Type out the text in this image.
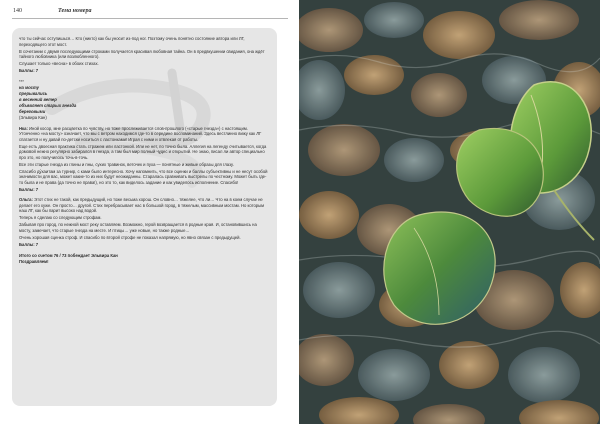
140	Тема номера

что ты сейчас оступишься… Кто (никто) как бы уносит из-под ног. Поэтому очень понятно состояние автора или ЛГ, переходящего этот мост.

В сочетании с двумя последующими строками получается красивая любовная тайна. Он в предвкушении свидания, она ждёт тайного любовника (или возлюбленного).

Слушает только «весна» в обоих стихах.

Баллы: 7

***
на мосту
прерывались
в весенний ветер
объявляет старых гнезда
береговыми
(Эльвира Кан)

Нка: Иной косор, мне расцветка по чувству, но тоже прослеживается слов-прошлого («старые гнезда») с настоящим. Утонченно «на мосту» означает, что мы с ветром находимся где-то в середине воспоминаний. Здесь вестлинно вижу как ЛГ спатается и ну давай по-детски носиться с ластонками! Играя с ними и отвлекая от работы.

Еще есть двоесная практика стать стражем или ластонкой. Или не нет, по точно была. Аллегия на легенду считывается, когда домовой нежно регулярно забирался в гнезда, а там был мир полный чудес и открытий. Не знаю, писал ли автор специально про это, но получилось точь-в-точь.

Все эти старые гнезда из глины и пны, сухих травинок, веточек и пуха — понятные и живые образы для глазу.

Спасибо ду́хаитам за турнир, с ками было интересно. Хочу напомнить, что все оценки и баллы субъективны и не несут особой значимости для вас, может какие-то из них будут неожиданны. Старалась сравнивать выстрелы по честному. Может быть где-то была и не права (да точно не права!), но это то, как виделось задание и как увиделось исполнение. Спасибо!

Баллы: 7

Ольга: Этот стих не такой, как предыдущий, но тоже весьма хорош. Он словно… тяжелее, что ли… Что на в коем случае не делает его хуже. Он просто… другой. Стих перебрасывает нас в большой город, в тяжелым, массивным мостам. Но которым наш ЛГ, как бы парит высоко над водой.

Теперь я сделаю со следующим строфам.

Забывая про город, по нежной мост реку оставляем. Возможно, герой возвращается в родные края. И, остановившись на мосту, замечает, что старые гнезда на месте. И птицы… уже новые, но также родные…

Очень хорошая сценка строф. И спасибо по второй строфе не показал напрямую, но явно связан с предыдущей.

Баллы: 7

Итого со счетом 76 / 73 побеждает Эльвира Кан
Поздравляем!
